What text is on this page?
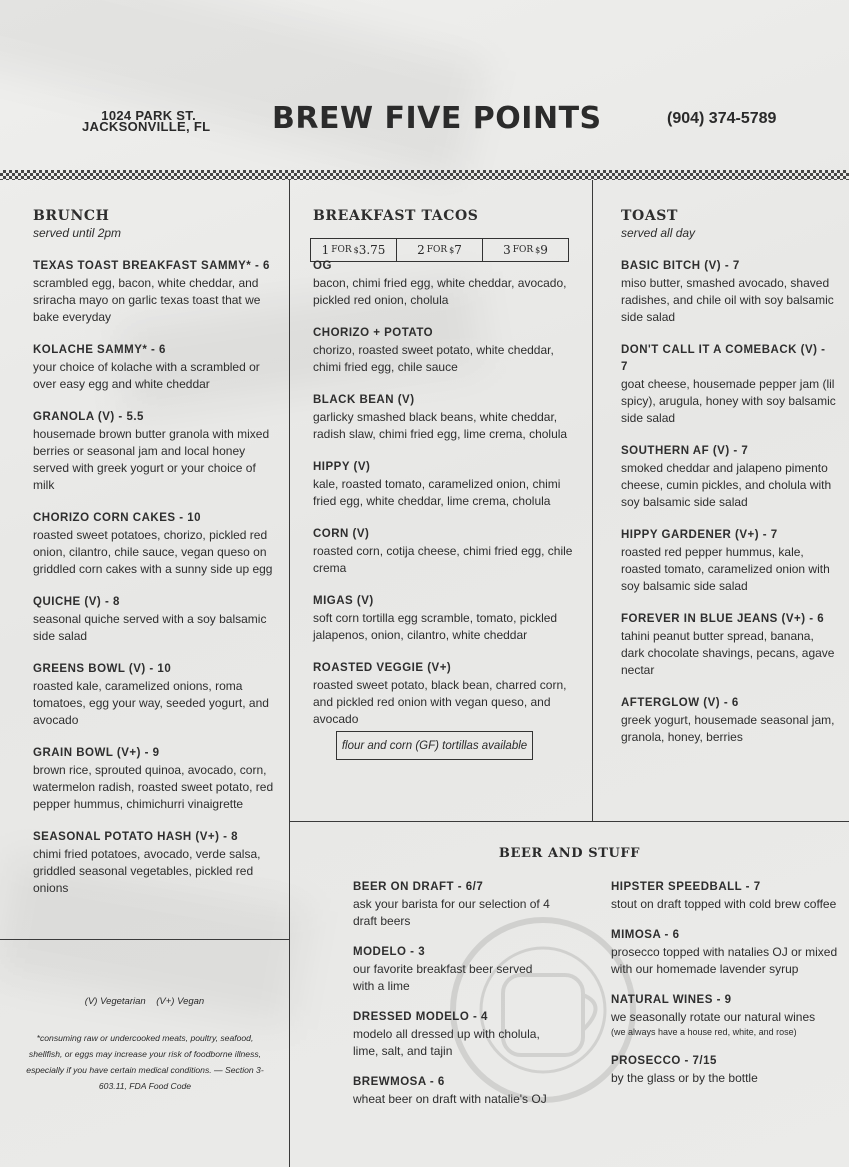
1024 PARK ST.
JACKSONVILLE, FL BREW FIVE POINTS	(904) 374-5789
BRUNCH
served until 2pm
TEXAS TOAST BREAKFAST SAMMY* - 6
scrambled egg, bacon, white cheddar, and sriracha mayo on garlic texas toast that we bake everyday
KOLACHE SAMMY* - 6
your choice of kolache with a scrambled or over easy egg and white cheddar
GRANOLA (V) - 5.5
housemade brown butter granola with mixed berries or seasonal jam and local honey served with greek yogurt or your choice of milk
CHORIZO CORN CAKES - 10
roasted sweet potatoes, chorizo, pickled red onion, cilantro, chile sauce, vegan queso on griddled corn cakes with a sunny side up egg
QUICHE (V) - 8
seasonal quiche served with a soy balsamic side salad
GREENS BOWL (V) - 10
roasted kale, caramelized onions, roma tomatoes, egg your way, seeded yogurt, and avocado
GRAIN BOWL (V+) - 9
brown rice, sprouted quinoa, avocado, corn, watermelon radish, roasted sweet potato, red pepper hummus, chimichurri vinaigrette
SEASONAL POTATO HASH (V+) - 8
chimi fried potatoes, avocado, verde salsa, griddled seasonal vegetables, pickled red onions
BREAKFAST TACOS
1 FOR $ 3.75	2 FOR $ 7	3 FOR $ 9
OG
bacon, chimi fried egg, white cheddar, avocado, pickled red onion, cholula
CHORIZO + POTATO
chorizo, roasted sweet potato, white cheddar, chimi fried egg, chile sauce
BLACK BEAN (V)
garlicky smashed black beans, white cheddar, radish slaw, chimi fried egg, lime crema, cholula
HIPPY (V)
kale, roasted tomato, caramelized onion, chimi fried egg, white cheddar, lime crema, cholula
CORN (V)
roasted corn, cotija cheese, chimi fried egg, chile crema
MIGAS (V)
soft corn tortilla egg scramble, tomato, pickled jalapenos, onion, cilantro, white cheddar
ROASTED VEGGIE (V+)
roasted sweet potato, black bean, charred corn, and pickled red onion with vegan queso, and avocado
flour and corn (GF) tortillas available
TOAST
served all day
BASIC BITCH (V) - 7
miso butter, smashed avocado, shaved radishes, and chile oil with soy balsamic side salad
DON'T CALL IT A COMEBACK (V) - 7
goat cheese, housemade pepper jam (lil spicy), arugula, honey with soy balsamic side salad
SOUTHERN AF (V) - 7
smoked cheddar and jalapeno pimento cheese, cumin pickles, and cholula with soy balsamic side salad
HIPPY GARDENER (V+) - 7
roasted red pepper hummus, kale, roasted tomato, caramelized onion with soy balsamic side salad
FOREVER IN BLUE JEANS (V+) - 6
tahini peanut butter spread, banana, dark chocolate shavings, pecans, agave nectar
AFTERGLOW (V) - 6
greek yogurt, housemade seasonal jam, granola, honey, berries
(V) Vegetarian (V+) Vegan
*consuming raw or undercooked meats, poultry, seafood, shellfish, or eggs may increase your risk of foodborne illness, especially if you have certain medical conditions. — Section 3-603.11, FDA Food Code
BEER AND STUFF
BEER ON DRAFT - 6/7
ask your barista for our selection of 4 draft beers
MODELO - 3
our favorite breakfast beer served with a lime
DRESSED MODELO - 4
modelo all dressed up with cholula, lime, salt, and tajin
BREWMOSA - 6
wheat beer on draft with natalie's OJ
HIPSTER SPEEDBALL - 7
stout on draft topped with cold brew coffee
MIMOSA - 6
prosecco topped with natalies OJ or mixed with our homemade lavender syrup
NATURAL WINES - 9
we seasonally rotate our natural wines
(we always have a house red, white, and rose)
PROSECCO - 7/15
by the glass or by the bottle
